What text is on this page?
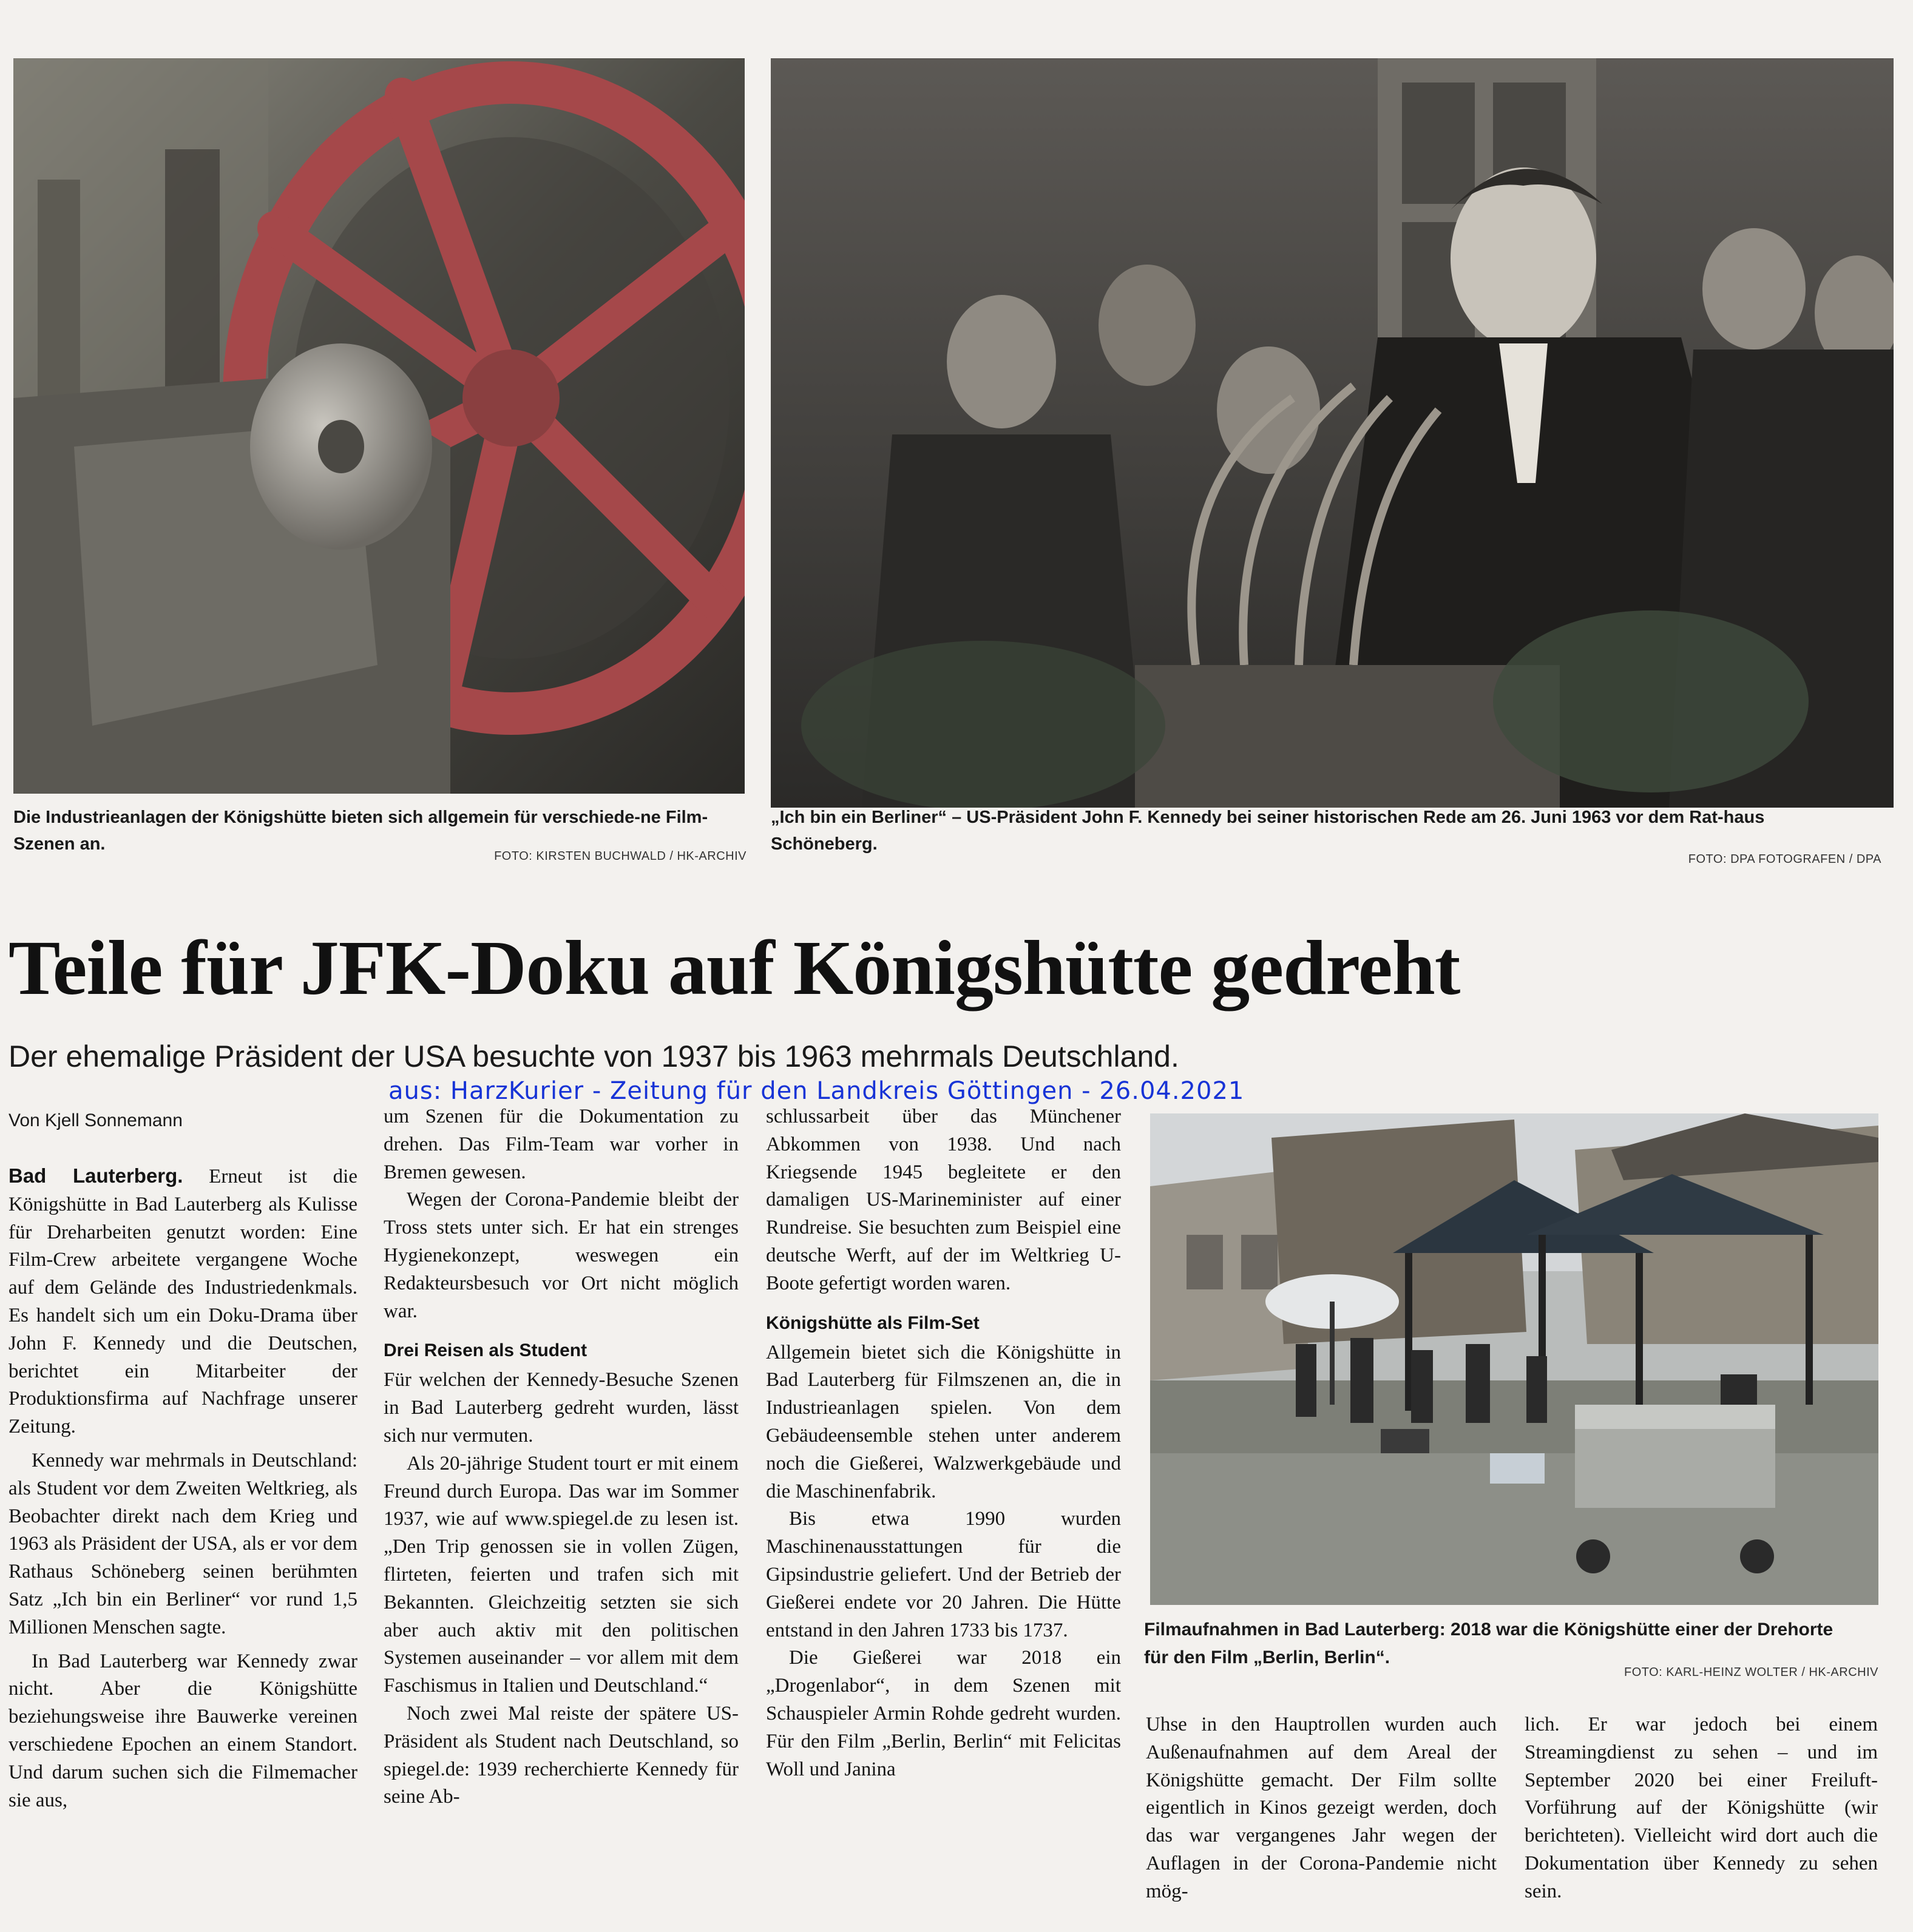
Die Industrieanlagen der Königshütte bieten sich allgemein für verschiede-ne Film-Szenen an.
FOTO: KIRSTEN BUCHWALD / HK-ARCHIV
„Ich bin ein Berliner“ – US-Präsident John F. Kennedy bei seiner historischen Rede am 26. Juni 1963 vor dem Rat-haus Schöneberg.
FOTO: DPA FOTOGRAFEN / DPA
Teile für JFK-Doku auf Königshütte gedreht
Der ehemalige Präsident der USA besuchte von 1937 bis 1963 mehrmals Deutschland.
aus: HarzKurier - Zeitung für den Landkreis Göttingen - 26.04.2021
Von Kjell Sonnemann

Bad Lauterberg. Erneut ist die Königshütte in Bad Lauterberg als Kulisse für Dreharbeiten genutzt worden: Eine Film-Crew arbeitete vergangene Woche auf dem Gelände des Industriedenkmals. Es handelt sich um ein Doku-Drama über John F. Kennedy und die Deutschen, berichtet ein Mitarbeiter der Produktionsfirma auf Nachfrage unserer Zeitung.

Kennedy war mehrmals in Deutschland: als Student vor dem Zweiten Weltkrieg, als Beobachter direkt nach dem Krieg und 1963 als Präsident der USA, als er vor dem Rathaus Schöneberg seinen berühmten Satz „Ich bin ein Berliner“ vor rund 1,5 Millionen Menschen sagte.

In Bad Lauterberg war Kennedy zwar nicht. Aber die Königshütte beziehungsweise ihre Bauwerke vereinen verschiedene Epochen an einem Standort. Und darum suchen sich die Filmemacher sie aus,

um Szenen für die Dokumentation zu drehen. Das Film-Team war vorher in Bremen gewesen.

Wegen der Corona-Pandemie bleibt der Tross stets unter sich. Er hat ein strenges Hygienekonzept, weswegen ein Redakteursbesuch vor Ort nicht möglich war.

Drei Reisen als Student

Für welchen der Kennedy-Besuche Szenen in Bad Lauterberg gedreht wurden, lässt sich nur vermuten.

Als 20-jährige Student tourt er mit einem Freund durch Europa. Das war im Sommer 1937, wie auf www.spiegel.de zu lesen ist. „Den Trip genossen sie in vollen Zügen, flirteten, feierten und trafen sich mit Bekannten. Gleichzeitig setzten sie sich aber auch aktiv mit den politischen Systemen auseinander – vor allem mit dem Faschismus in Italien und Deutschland.“

Noch zwei Mal reiste der spätere US-Präsident als Student nach Deutschland, so spiegel.de: 1939 recherchierte Kennedy für seine Ab-

schlussarbeit über das Münchener Abkommen von 1938. Und nach Kriegsende 1945 begleitete er den damaligen US-Marineminister auf einer Rundreise. Sie besuchten zum Beispiel eine deutsche Werft, auf der im Weltkrieg U-Boote gefertigt worden waren.

Königshütte als Film-Set

Allgemein bietet sich die Königshütte in Bad Lauterberg für Filmszenen an, die in Industrieanlagen spielen. Von dem Gebäudeensemble stehen unter anderem noch die Gießerei, Walzwerkgebäude und die Maschinenfabrik.

Bis etwa 1990 wurden Maschinenausstattungen für die Gipsindustrie geliefert. Und der Betrieb der Gießerei endete vor 20 Jahren. Die Hütte entstand in den Jahren 1733 bis 1737.

Die Gießerei war 2018 ein „Drogenlabor“, in dem Szenen mit Schauspieler Armin Rohde gedreht wurden. Für den Film „Berlin, Berlin“ mit Felicitas Woll und Janina

Filmaufnahmen in Bad Lauterberg: 2018 war die Königshütte einer der Drehorte für den Film „Berlin, Berlin“.
FOTO: KARL-HEINZ WOLTER / HK-ARCHIV

Uhse in den Hauptrollen wurden auch Außenaufnahmen auf dem Areal der Königshütte gemacht. Der Film sollte eigentlich in Kinos gezeigt werden, doch das war vergangenes Jahr wegen der Auflagen in der Corona-Pandemie nicht mög-

lich. Er war jedoch bei einem Streamingdienst zu sehen – und im September 2020 bei einer Freiluft-Vorführung auf der Königshütte (wir berichteten). Vielleicht wird dort auch die Dokumentation über Kennedy zu sehen sein.
